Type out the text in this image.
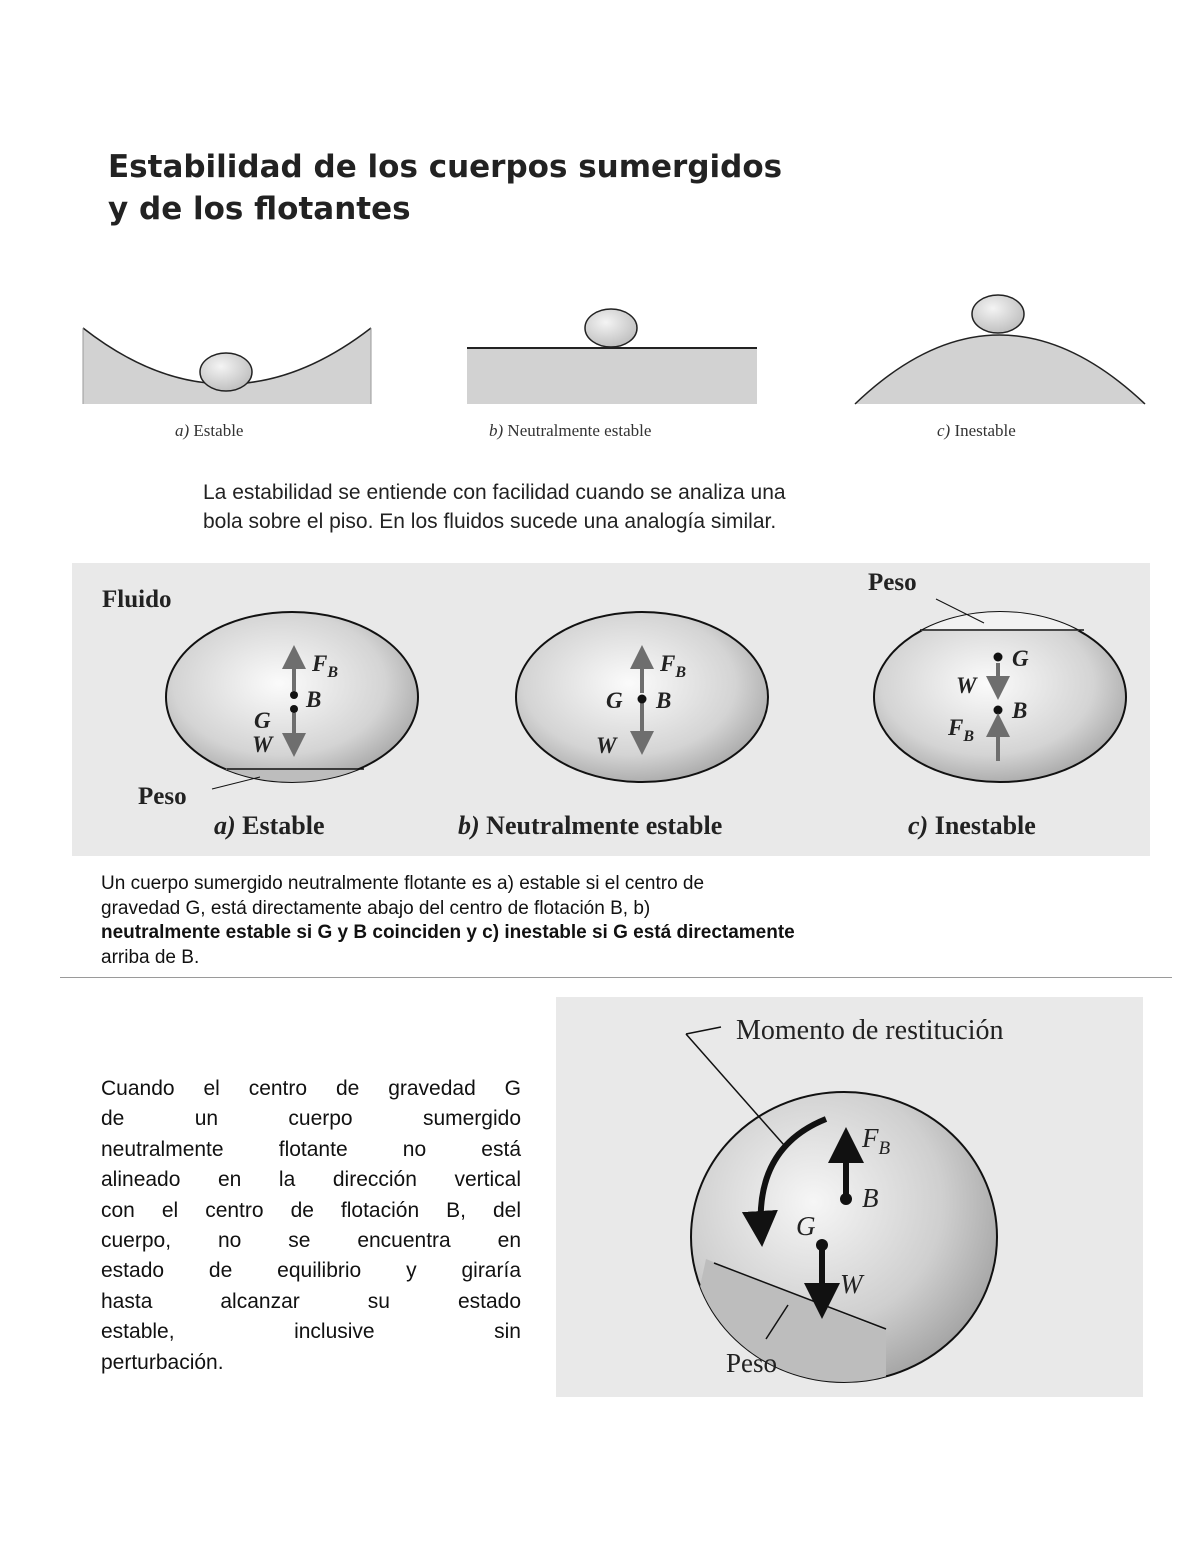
Estabilidad de los cuerpos sumergidos
y de los flotantes
a) Estable	b) Neutralmente estable	c) Inestable
La estabilidad se entiende con facilidad cuando se analiza una
bola sobre el piso. En los fluidos sucede una analogía similar.
Fluido
$F_B$
B
G
W
Peso
$F_B$
G B
W
G
W
B
$F_B$
Peso
a) Estable	b) Neutralmente estable	c) Inestable
Un cuerpo sumergido neutralmente flotante es a) estable si el centro de
gravedad G, está directamente abajo del centro de flotación B, b)
neutralmente estable si G y B coinciden y c) inestable si G está directamente
arriba de B.
Cuando el centro de gravedad G
de un cuerpo sumergido
neutralmente flotante no está
alineado en la dirección vertical
con el centro de flotación B, del
cuerpo, no se encuentra en
estado de equilibrio y giraría
hasta alcanzar su estado
estable, inclusive sin
perturbación.
Momento de restitución
$F_B$
B
G
W
Peso
